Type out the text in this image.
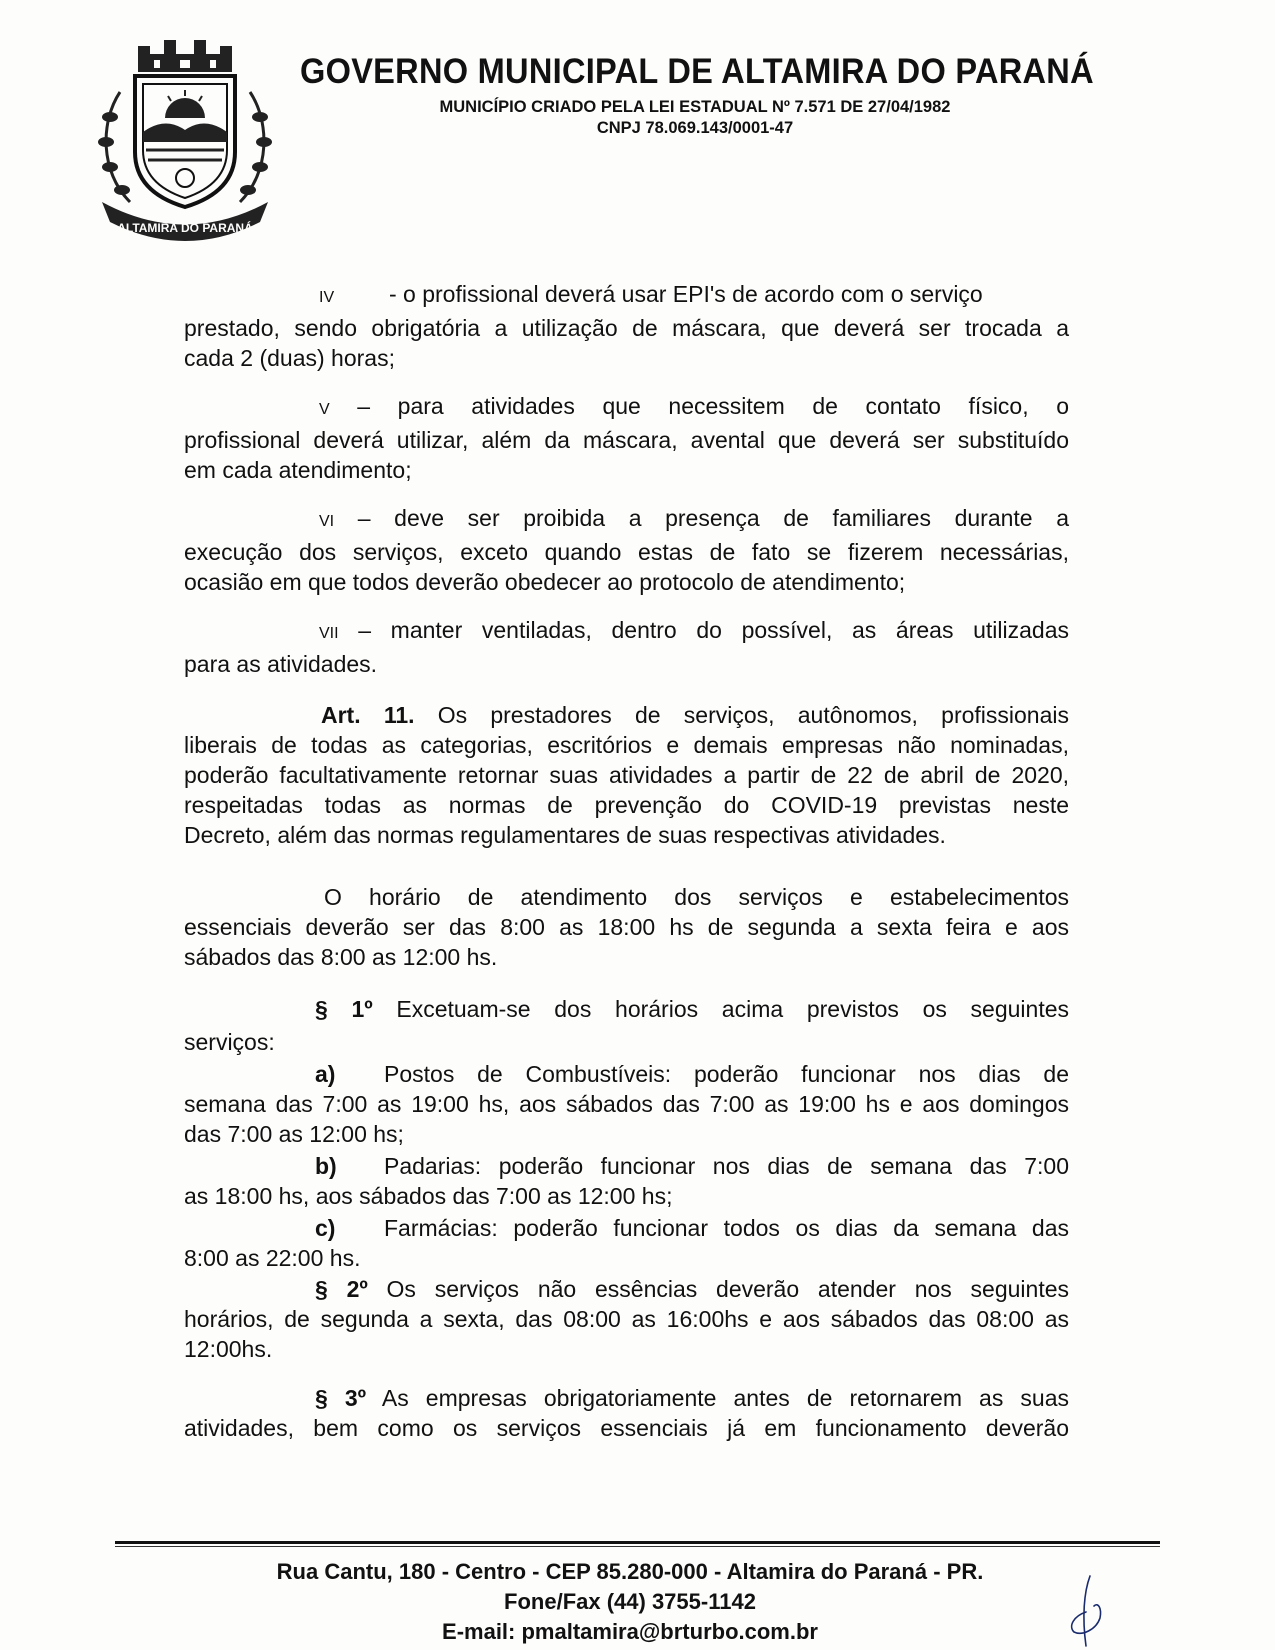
ALTAMIRA DO PARANÁ
GOVERNO MUNICIPAL DE ALTAMIRA DO PARANÁ
MUNICÍPIO CRIADO PELA LEI ESTADUAL Nº 7.571 DE 27/04/1982
CNPJ 78.069.143/0001-47
IV - o profissional deverá usar EPI's de acordo com o serviço
prestado, sendo obrigatória a utilização de máscara, que deverá ser trocada a
cada 2 (duas) horas;
V – para atividades que necessitem de contato físico, o
profissional deverá utilizar, além da máscara, avental que deverá ser substituído
em cada atendimento;
VI – deve ser proibida a presença de familiares durante a
execução dos serviços, exceto quando estas de fato se fizerem necessárias,
ocasião em que todos deverão obedecer ao protocolo de atendimento;
VII – manter ventiladas, dentro do possível, as áreas utilizadas
para as atividades.
Art. 11. Os prestadores de serviços, autônomos, profissionais
liberais de todas as categorias, escritórios e demais empresas não nominadas,
poderão facultativamente retornar suas atividades a partir de 22 de abril de 2020,
respeitadas todas as normas de prevenção do COVID-19 previstas neste
Decreto, além das normas regulamentares de suas respectivas atividades.
O horário de atendimento dos serviços e estabelecimentos
essenciais deverão ser das 8:00 as 18:00 hs de segunda a sexta feira e aos
sábados das 8:00 as 12:00 hs.
§ 1º Excetuam-se dos horários acima previstos os seguintes
serviços:
a) Postos de Combustíveis: poderão funcionar nos dias de
semana das 7:00 as 19:00 hs, aos sábados das 7:00 as 19:00 hs e aos domingos
das 7:00 as 12:00 hs;
b) Padarias: poderão funcionar nos dias de semana das 7:00
as 18:00 hs, aos sábados das 7:00 as 12:00 hs;
c) Farmácias: poderão funcionar todos os dias da semana das
8:00 as 22:00 hs.
§ 2º Os serviços não essências deverão atender nos seguintes
horários, de segunda a sexta, das 08:00 as 16:00hs e aos sábados das 08:00 as
12:00hs.
§ 3º As empresas obrigatoriamente antes de retornarem as suas
atividades, bem como os serviços essenciais já em funcionamento deverão
Rua Cantu, 180 - Centro - CEP 85.280-000 - Altamira do Paraná - PR.
Fone/Fax (44) 3755-1142
E-mail: pmaltamira@brturbo.com.br
